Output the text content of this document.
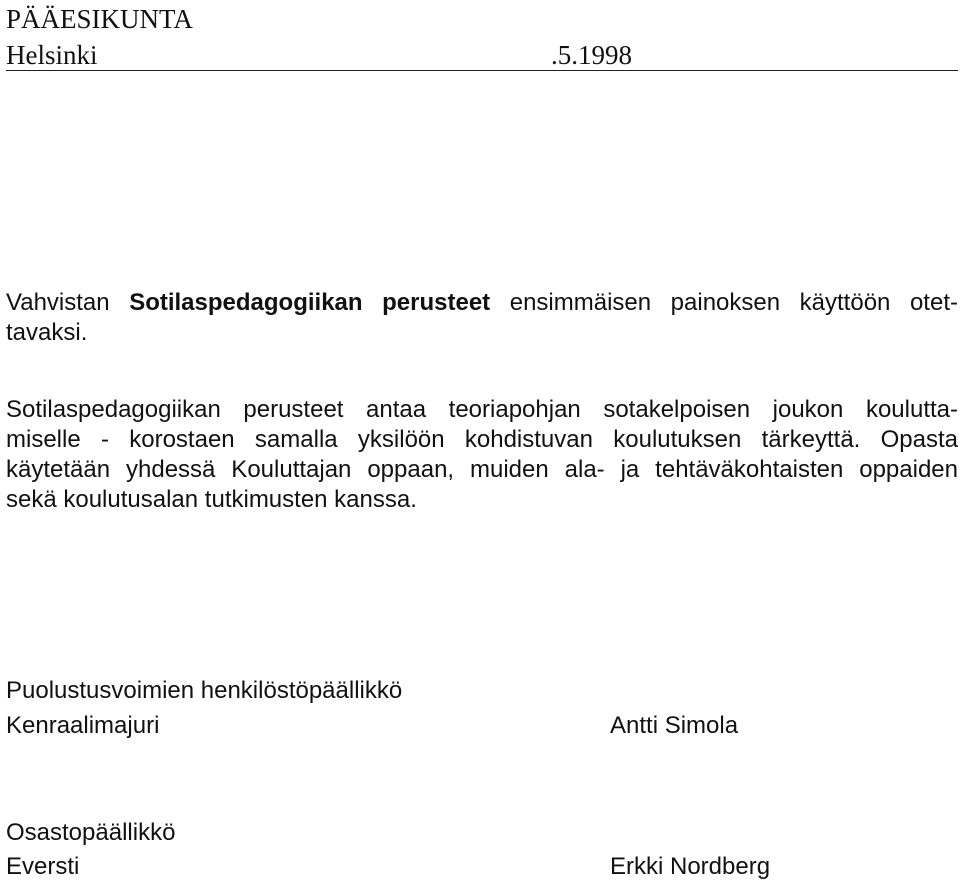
PÄÄESIKUNTA
Helsinki	.5.1998

Vahvistan Sotilaspedagogiikan perusteet ensimmäisen painoksen käyttöön otet-

tavaksi.

Sotilaspedagogiikan perusteet antaa teoriapohjan sotakelpoisen joukon koulutta-

miselle - korostaen samalla yksilöön kohdistuvan koulutuksen tärkeyttä. Opasta

käytetään yhdessä Kouluttajan oppaan, muiden ala- ja tehtäväkohtaisten oppaiden

sekä koulutusalan tutkimusten kanssa.

Puolustusvoimien henkilöstöpäällikkö
Kenraalimajuri	Antti Simola
Osastopäällikkö
Eversti	Erkki Nordberg
